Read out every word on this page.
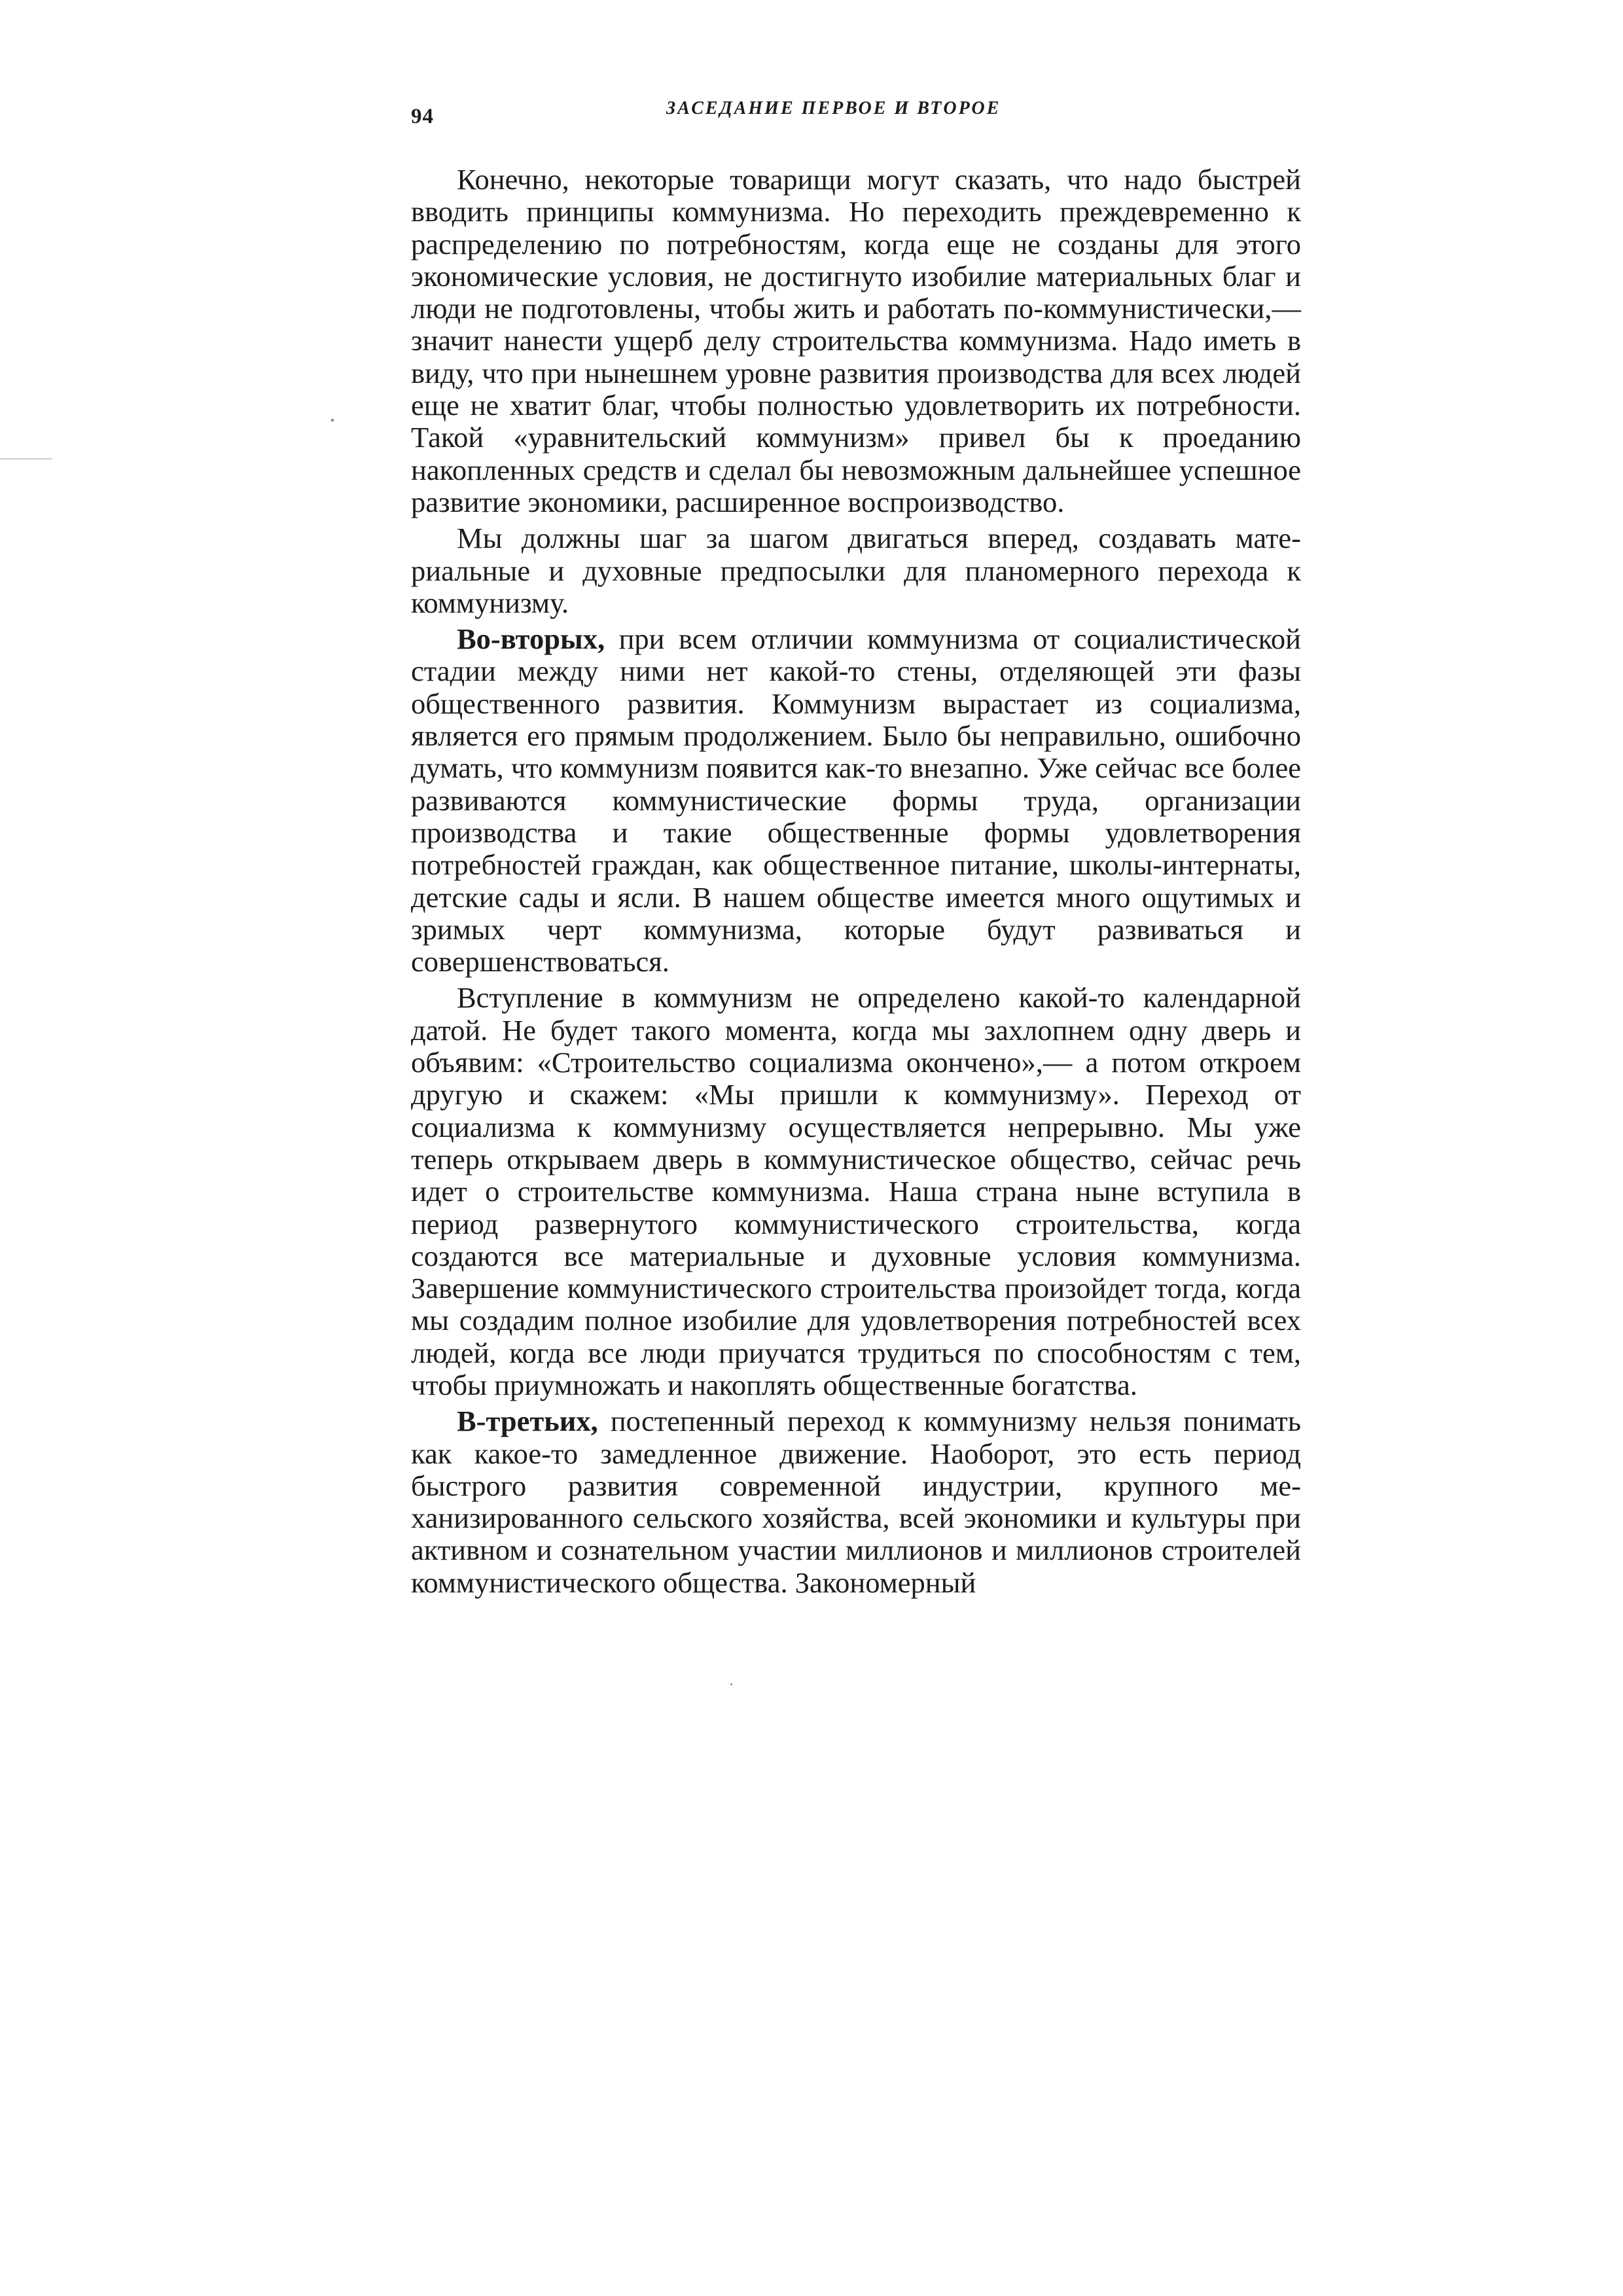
94	ЗАСЕДАНИЕ ПЕРВОЕ И ВТОРОЕ

Конечно, некоторые товарищи могут сказать, что надо быстрей вводить принципы коммунизма. Но переходить преждевременно к распределению по потребностям, когда еще не созданы для этого экономические условия, не достигнуто изобилие материальных благ и люди не подготовлены, чтобы жить и работать по-коммунистически,— значит нанести ущерб делу строительства коммунизма. Надо иметь в виду, что при нынешнем уровне развития производства для всех людей еще не хватит благ, чтобы полностью удовлетворить их потребности. Такой «уравнительский коммунизм» привел бы к проеданию накопленных средств и сделал бы невозможным дальнейшее успешное развитие экономики, расширенное воспроизводство.

Мы должны шаг за шагом двигаться вперед, создавать материальные и духовные предпосылки для планомерного перехода к коммунизму.

Во-вторых, при всем отличии коммунизма от социалистической стадии между ними нет какой-то стены, отделяющей эти фазы общественного развития. Коммунизм вырастает из социализма, является его прямым продолжением. Было бы неправильно, ошибочно думать, что коммунизм появится как-то внезапно. Уже сейчас все более развиваются коммунистические формы труда, организации производства и такие общественные формы удовлетворения потребностей граждан, как общественное питание, школы-интернаты, детские сады и ясли. В нашем обществе имеется много ощутимых и зримых черт коммунизма, которые будут развиваться и совершенствоваться.

Вступление в коммунизм не определено какой-то календарной датой. Не будет такого момента, когда мы захлопнем одну дверь и объявим: «Строительство социализма окончено»,— а потом откроем другую и скажем: «Мы пришли к коммунизму». Переход от социализма к коммунизму осуществляется непрерывно. Мы уже теперь открываем дверь в коммунистическое общество, сейчас речь идет о строительстве коммунизма. Наша страна ныне вступила в период развернутого коммунистического строительства, когда создаются все материальные и духовные условия коммунизма. Завершение коммунистического строительства произойдет тогда, когда мы создадим полное изобилие для удовлетворения потребностей всех людей, когда все люди приучатся трудиться по способностям с тем, чтобы приумножать и накоплять общественные богатства.

В-третьих, постепенный переход к коммунизму нельзя понимать как какое-то замедленное движение. Наоборот, это есть период быстрого развития современной индустрии, крупного механизированного сельского хозяйства, всей экономики и культуры при активном и сознательном участии миллионов и миллионов строителей коммунистического общества. Закономерный
